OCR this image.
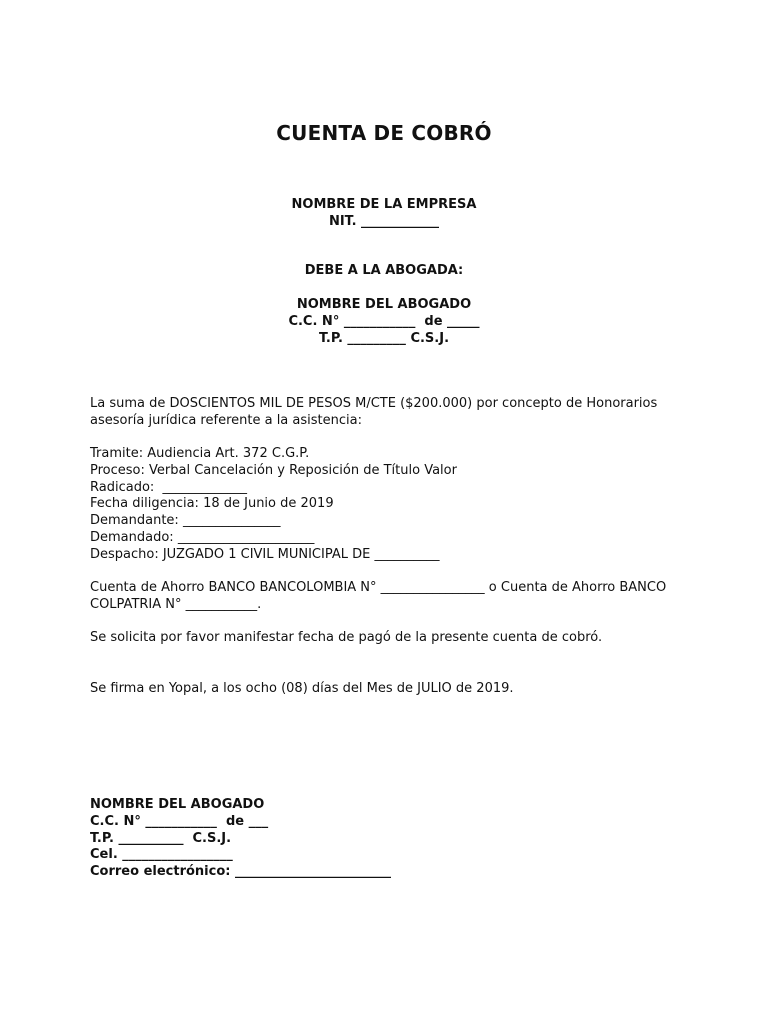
CUENTA DE COBRÓ
NOMBRE DE LA EMPRESA
NIT. ____________
DEBE A LA ABOGADA:
NOMBRE DEL ABOGADO
C.C. N° ___________  de _____
T.P. _________ C.S.J.
La suma de DOSCIENTOS MIL DE PESOS M/CTE ($200.000) por concepto de Honorarios
asesoría jurídica referente a la asistencia:
Tramite: Audiencia Art. 372 C.G.P.
Proceso: Verbal Cancelación y Reposición de Título Valor
Radicado:  _____________
Fecha diligencia: 18 de Junio de 2019
Demandante: _______________
Demandado: _____________________
Despacho: JUZGADO 1 CIVIL MUNICIPAL DE __________
Cuenta de Ahorro BANCO BANCOLOMBIA N° ________________ o Cuenta de Ahorro BANCO
COLPATRIA N° ___________.
Se solicita por favor manifestar fecha de pagó de la presente cuenta de cobró.
Se firma en Yopal, a los ocho (08) días del Mes de JULIO de 2019.
NOMBRE DEL ABOGADO
C.C. N° ___________  de ___
T.P. __________  C.S.J.
Cel. _________________
Correo electrónico: ________________________
